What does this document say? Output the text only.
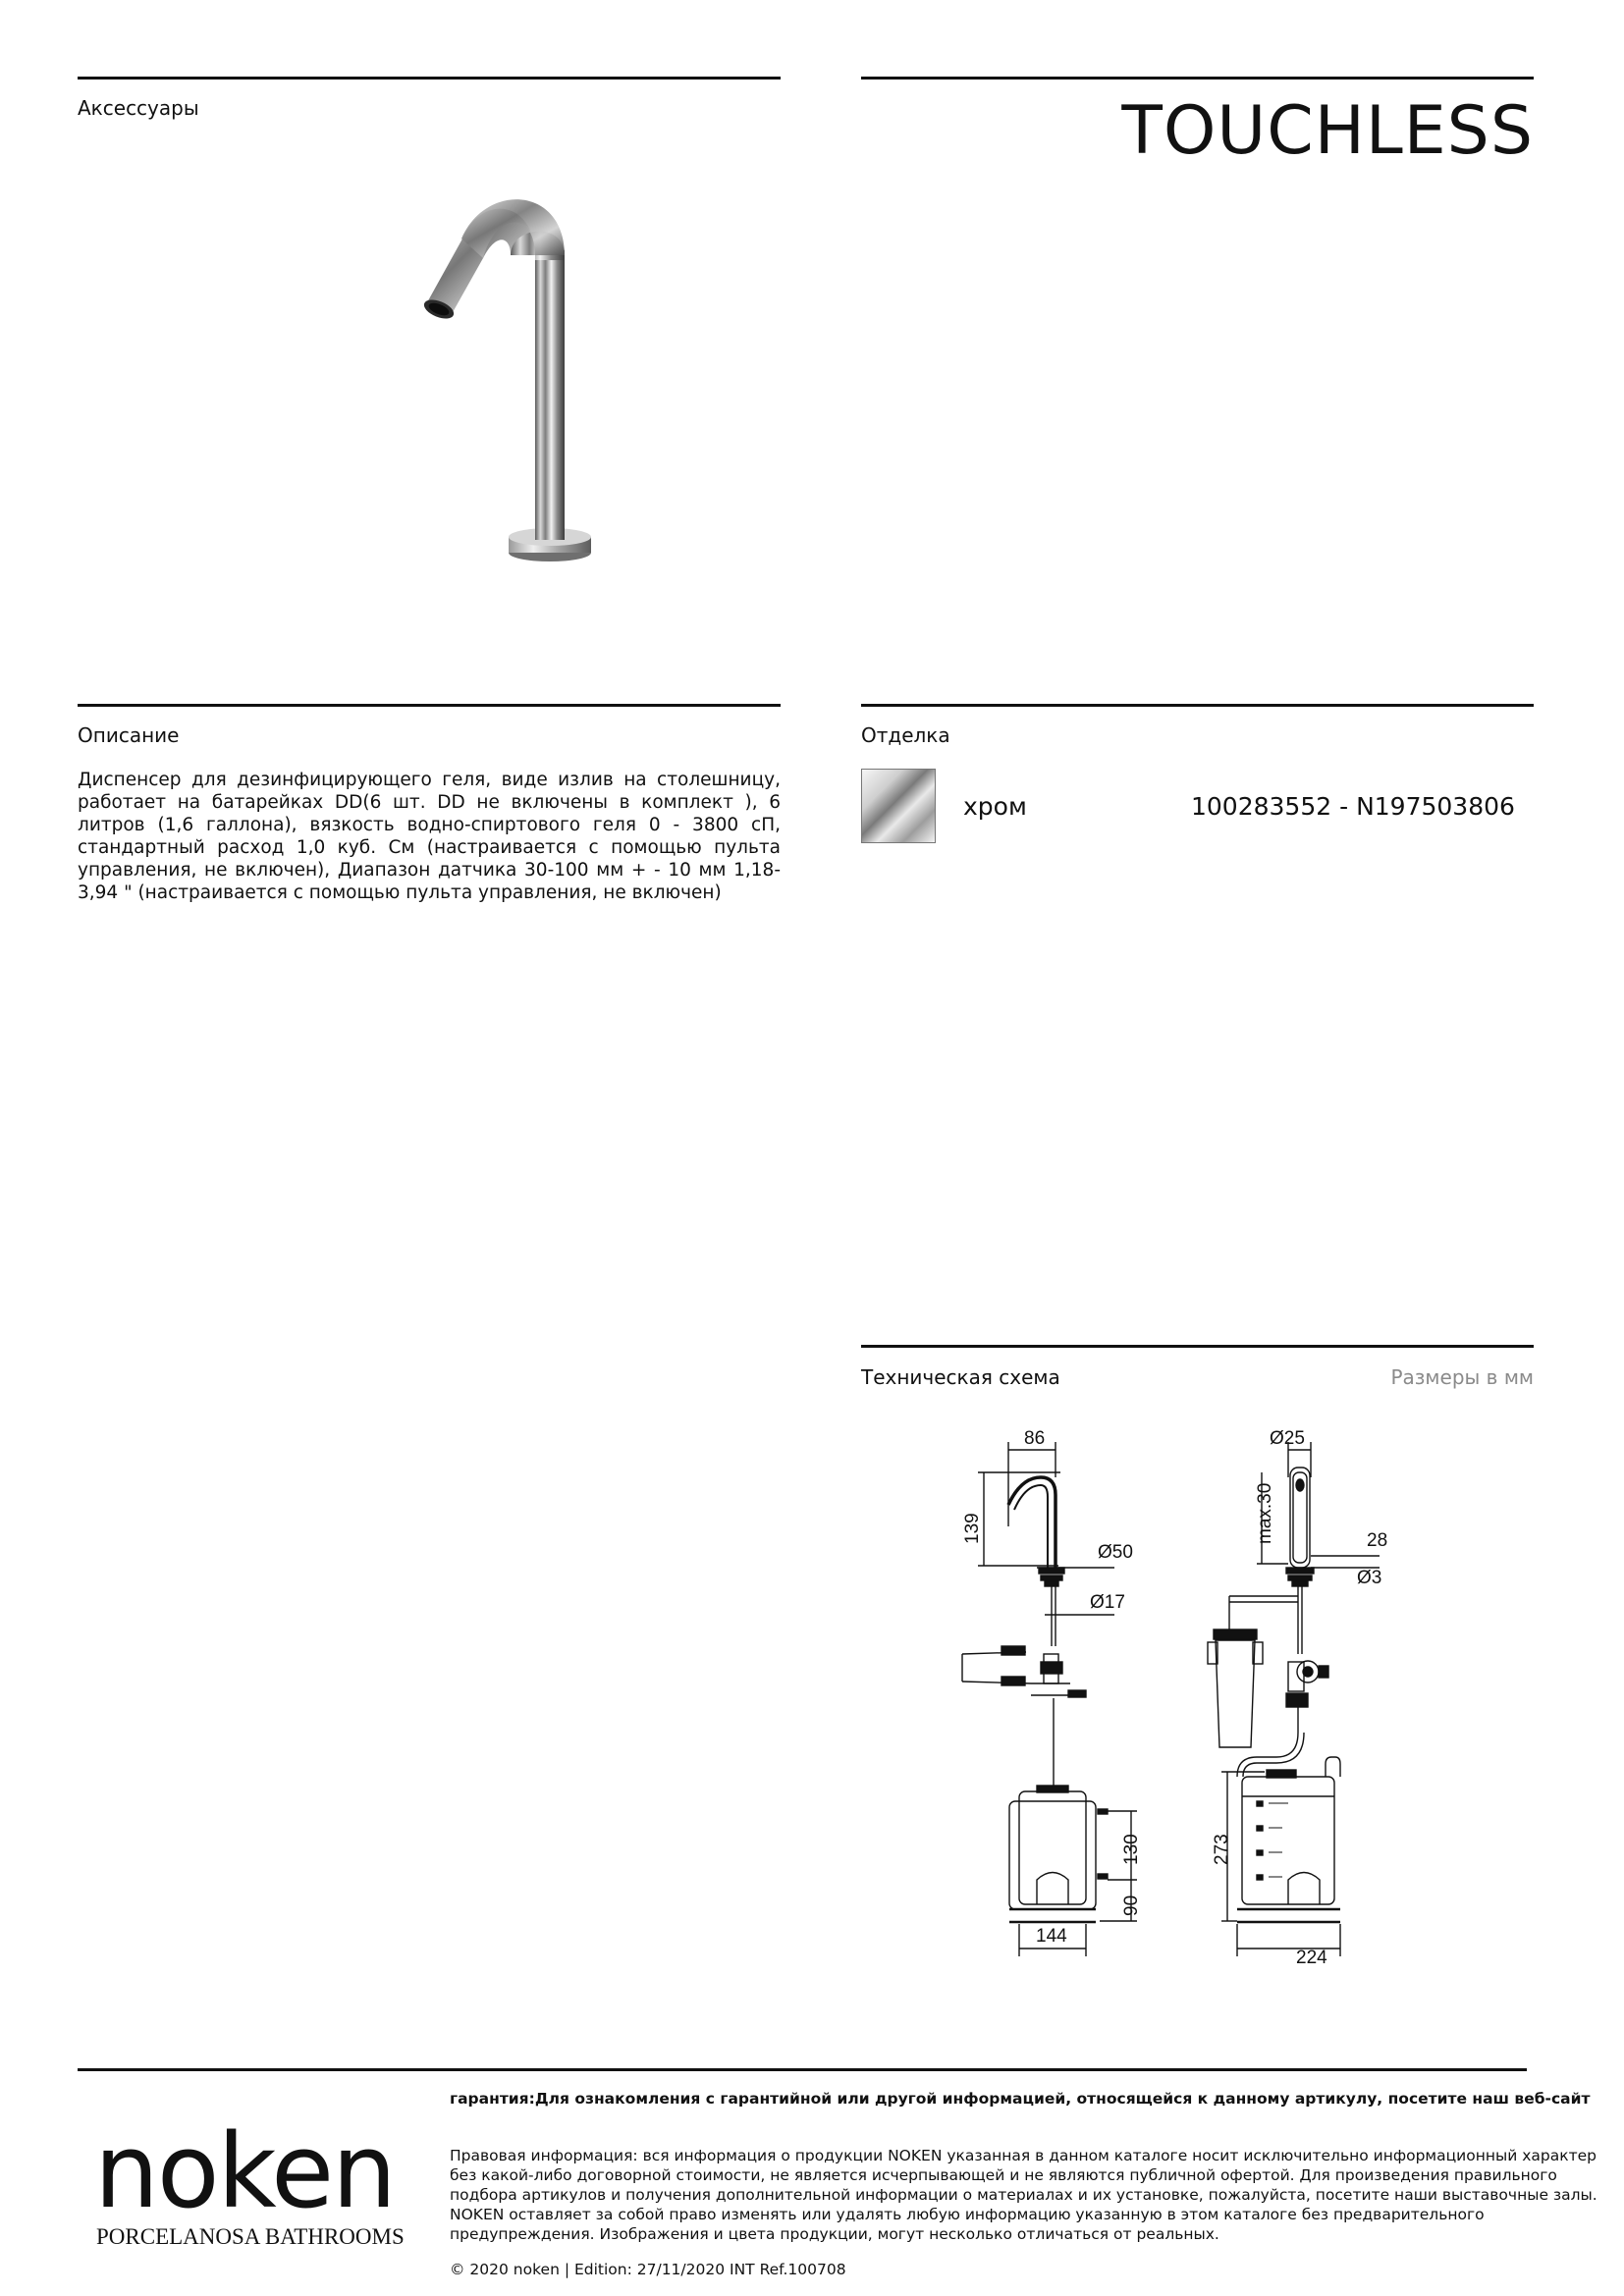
Аксессуары	TOUCHLESS
Описание
Диспенсер для дезинфицирующего геля, виде излив на столешницу, работает на батарейках DD(6 шт. DD не включены в комплект ), 6 литров (1,6 галлона), вязкость водно-спиртового геля 0 - 3800 сП, стандартный расход 1,0 куб. См (настраивается с помощью пульта управления, не включен), Диапазон датчика 30-100 мм + - 10 мм 1,18-3,94 " (настраивается с помощью пульта управления, не включен)
Отделка
хром	100283552 - N197503806
Техническая схема	Размеры в мм
86
139
Ø50
Ø17
130
90
144
Ø25
max.30	28
Ø3
273
224
noken
PORCELANOSA BATHROOMS
гарантия:Для ознакомления с гарантийной или другой информацией, относящейся к данному артикулу, посетите наш веб-сайт
Правовая информация: вся информация о продукции NOKEN указанная в данном каталоге носит исключительно информационный характер без какой-либо договорной стоимости, не является исчерпывающей и не являются публичной офертой. Для произведения правильного подбора артикулов и получения дополнительной информации о материалах и их установке, пожалуйста, посетите наши выставочные залы. NOKEN оставляет за собой право изменять или удалять любую информацию указанную в этом каталоге без предварительного предупреждения. Изображения и цвета продукции, могут несколько отличаться от реальных.
© 2020 noken | Edition: 27/11/2020 INT Ref.100708
